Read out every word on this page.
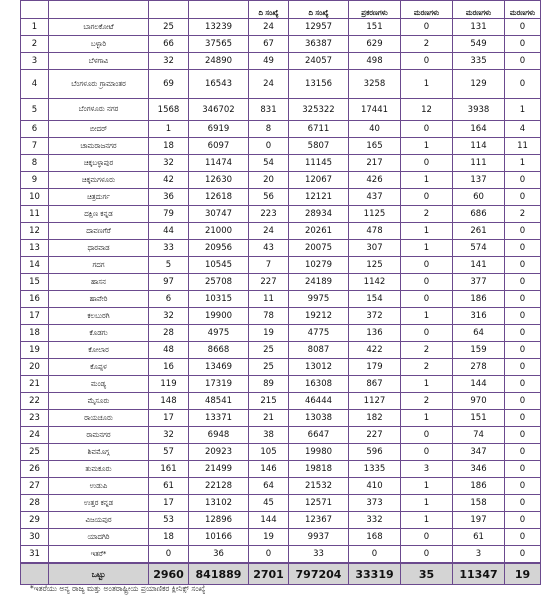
				ದಿ ಸಂಖ್ಯೆ	ದಿ ಸಂಖ್ಯೆ	ಪ್ರಕರಣಗಳು	ಮರಣಗಳು	ಮರಣಗಳು	ಮರಣಗಳು
1	ಬಾಗಲಕೋಟೆ	25	13239	24	12957	151	0	131	0
2	ಬಳ್ಳಾರಿ	66	37565	67	36387	629	2	549	0
3	ಬೆಳಗಾವಿ	32	24890	49	24057	498	0	335	0
4	ಬೆಂಗಳೂರು ಗ್ರಾಮಾಂತರ	69	16543	24	13156	3258	1	129	0
5	ಬೆಂಗಳೂರು ನಗರ	1568	346702	831	325322	17441	12	3938	1
6	ಬೀದರ್	1	6919	8	6711	40	0	164	4
7	ಚಾಮರಾಜನಗರ	18	6097	0	5807	165	1	114	11
8	ಚಿಕ್ಕಬಳ್ಳಾಪುರ	32	11474	54	11145	217	0	111	1
9	ಚಿಕ್ಕಮಗಳೂರು	42	12630	20	12067	426	1	137	0
10	ಚಿತ್ರದುರ್ಗ	36	12618	56	12121	437	0	60	0
11	ದಕ್ಷಿಣ ಕನ್ನಡ	79	30747	223	28934	1125	2	686	2
12	ದಾವಣಗೆರೆ	44	21000	24	20261	478	1	261	0
13	ಧಾರವಾಡ	33	20956	43	20075	307	1	574	0
14	ಗದಗ	5	10545	7	10279	125	0	141	0
15	ಹಾಸನ	97	25708	227	24189	1142	0	377	0
16	ಹಾವೇರಿ	6	10315	11	9975	154	0	186	0
17	ಕಲಬುರಗಿ	32	19900	78	19212	372	1	316	0
18	ಕೊಡಗು	28	4975	19	4775	136	0	64	0
19	ಕೋಲಾರ	48	8668	25	8087	422	2	159	0
20	ಕೊಪ್ಪಳ	16	13469	25	13012	179	2	278	0
21	ಮಂಡ್ಯ	119	17319	89	16308	867	1	144	0
22	ಮೈಸೂರು	148	48541	215	46444	1127	2	970	0
23	ರಾಯಚೂರು	17	13371	21	13038	182	1	151	0
24	ರಾಮನಗರ	32	6948	38	6647	227	0	74	0
25	ಶಿವಮೊಗ್ಗ	57	20923	105	19980	596	0	347	0
26	ತುಮಕೂರು	161	21499	146	19818	1335	3	346	0
27	ಉಡುಪಿ	61	22128	64	21532	410	1	186	0
28	ಉತ್ತರ ಕನ್ನಡ	17	13102	45	12571	373	1	158	0
29	ವಿಜಯಪುರ	53	12896	144	12367	332	1	197	0
30	ಯಾದಗಿರಿ	18	10166	19	9937	168	0	61	0
31	ಇತರೆ*	0	36	0	33	0	0	3	0
	ಒಟ್ಟು	2960	841889	2701	797204	33319	35	11347	19
*ಇತರೆಯು ಅನ್ಯ ರಾಜ್ಯ ಮತ್ತು ಅಂತರಾಷ್ಟ್ರೀಯ ಪ್ರಯಾಣಿಕರ ಕ್ಲೀನಿಕ್ಸ್ ಸಂಖ್ಯೆ
